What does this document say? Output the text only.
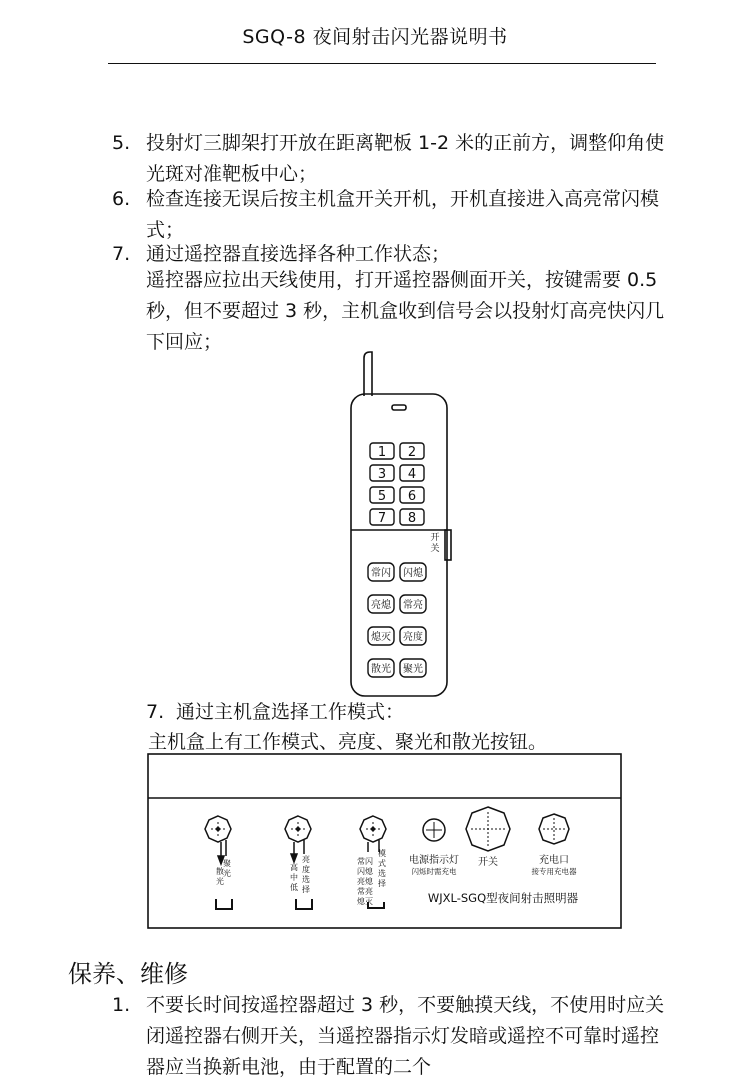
SGQ-8 夜间射击闪光器说明书
5. 投射灯三脚架打开放在距离靶板 1-2 米的正前方，调整仰角使光斑对准靶板中心；
6. 检查连接无误后按主机盒开关开机，开机直接进入高亮常闪模式；
7. 通过遥控器直接选择各种工作状态；
遥控器应拉出天线使用，打开遥控器侧面开关，按键需要 0.5 秒，但不要超过 3 秒，主机盒收到信号会以投射灯高亮快闪几下回应；
1 2
3 4
5 6
7 8
开
关
常闪 闪熄
亮熄 常亮
熄灭 亮度
散光 聚光
7. 通过主机盒选择工作模式：
主机盒上有工作模式、亮度、聚光和散光按钮。
聚
光
散
光
高
中
低
亮
度
选
择
常闪
闪熄
亮熄
常亮
熄灭
模
式
选
择
电源指示灯
闪烁时需充电
开关	充电口
接专用充电器
WJXL-SGQ型夜间射击照明器
保养、维修
1. 不要长时间按遥控器超过 3 秒，不要触摸天线，不使用时应关闭遥控器右侧开关，当遥控器指示灯发暗或遥控不可靠时遥控器应当换新电池，由于配置的二个
